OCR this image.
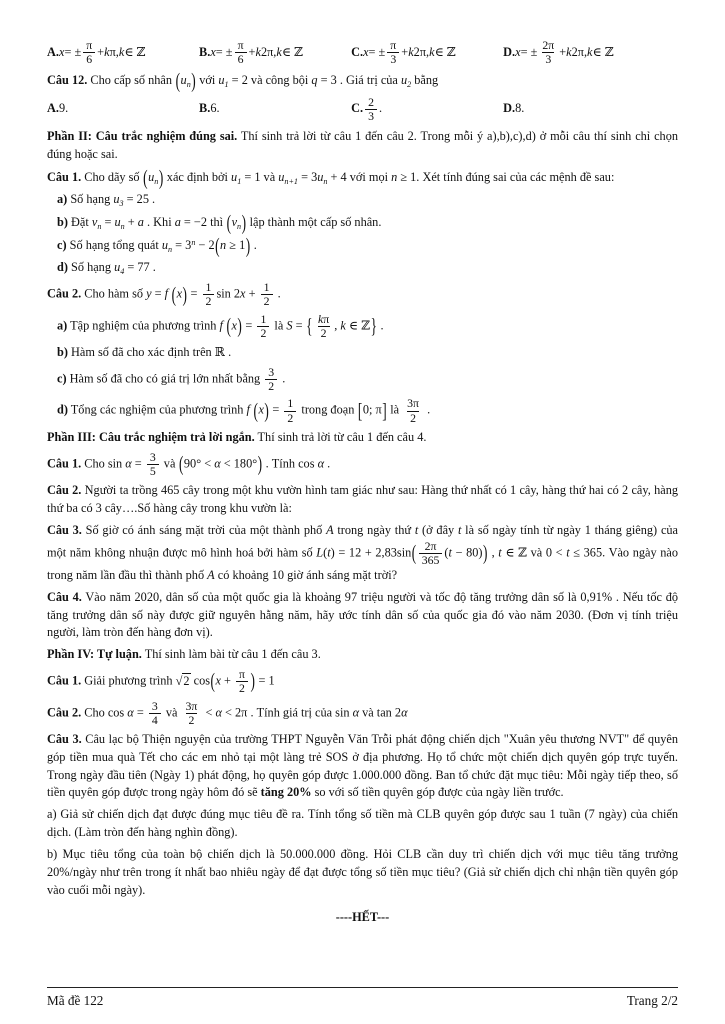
A. x = ± $\frac{\pi}{6} + k$ π, k ∈ ℤ	B. x = ± $\frac{\pi}{6} + k$ 2π, k ∈ ℤ	C. x = ± $\frac{\pi}{3} + k$ 2π, k ∈ ℤ	D. x = ± $\frac{2\pi}{3} + k$ 2π, k ∈ ℤ
Câu 12. Cho cấp số nhân $(u_n)$ với $u_1 = 2$ và công bội q = 3 . Giá trị của $u_2$ bằng
A. 9.	B. 6.	C. $\frac{2}{3}$ .	D. 8.
Phần II: Câu trắc nghiệm đúng sai. Thí sinh trả lời từ câu 1 đến câu 2. Trong mỗi ý a),b),c),d) ở mỗi câu thí sinh chỉ chọn đúng hoặc sai.
Câu 1. Cho dãy số $(u_n)$ xác định bởi $u_1 = 1$ và $u_{n+1} = 3u_n + 4$ với mọi n ≥ 1. Xét tính đúng sai của các mệnh đề sau:
a) Số hạng $u_3 = 25$ .
b) Đặt $v_n = u_n + a$ . Khi a = −2 thì $(v_n)$ lập thành một cấp số nhân.
c) Số hạng tổng quát $u_n = 3^n - 2(n \ge 1)$ .
d) Số hạng $u_4 = 77$ .
Câu 2. Cho hàm số y = f $(x) = \frac{1}{2}$ $\sin 2x + \frac{1}{2}$ .
a) Tập nghiệm của phương trình f $(x) = \frac{1}{2}$ là S = { $\frac{k\pi}{2}$ , k ∈ ℤ} .
b) Hàm số đã cho xác định trên ℝ .
c) Hàm số đã cho có giá trị lớn nhất bằng $\frac{3}{2}$ .
d) Tổng các nghiệm của phương trình f $(x) = \frac{1}{2}$ trong đoạn [0; π] là $\frac{3\pi}{2}$ .
Phần III: Câu trắc nghiệm trả lời ngắn. Thí sinh trả lời từ câu 1 đến câu 4.
Câu 1. Cho $\sin \alpha = \frac{3}{5}$ và (90° < α < 180°) . Tính cos α .
Câu 2. Người ta trồng 465 cây trong một khu vườn hình tam giác như sau: Hàng thứ nhất có 1 cây, hàng thứ hai có 2 cây, hàng thứ ba có 3 cây….Số hàng cây trong khu vườn là:
Câu 3. Số giờ có ánh sáng mặt trời của một thành phố A trong ngày thứ t (ở đây t là số ngày tính từ ngày 1 tháng giêng) của một năm không nhuận được mô hình hoá bởi hàm số $L(t) = 12 + 2,83\sin( \frac{2\pi}{365} (t - 80))$ , t ∈ ℤ và 0 < t ≤ 365. Vào ngày nào trong năm lần đầu thì thành phố A có khoảng 10 giờ ánh sáng mặt trời?
Câu 4. Vào năm 2020, dân số của một quốc gia là khoảng 97 triệu người và tốc độ tăng trưởng dân số là 0,91% . Nếu tốc độ tăng trưởng dân số này được giữ nguyên hằng năm, hãy ước tính dân số của quốc gia đó vào năm 2030. (Đơn vị tính triệu người, làm tròn đến hàng đơn vị).
Phần IV: Tự luận. Thí sinh làm bài từ câu 1 đến câu 3.
Câu 1. Giải phương trình √2 $\cos(x + \frac{\pi}{2}$ ) = 1
Câu 2. Cho $\cos \alpha = \frac{3}{4}$ và $\frac{3\pi}{2} < \alpha < 2\pi$ . Tính giá trị của sin α và tan 2α
Câu 3. Câu lạc bộ Thiện nguyện của trường THPT Nguyễn Văn Trỗi phát động chiến dịch "Xuân yêu thương NVT" để quyên góp tiền mua quà Tết cho các em nhỏ tại một làng trẻ SOS ở địa phương. Họ tổ chức một chiến dịch quyên góp trực tuyến. Trong ngày đầu tiên (Ngày 1) phát động, họ quyên góp được 1.000.000 đồng. Ban tổ chức đặt mục tiêu: Mỗi ngày tiếp theo, số tiền quyên góp được trong ngày hôm đó sẽ tăng 20% so với số tiền quyên góp được của ngày liền trước.
a) Giả sử chiến dịch đạt được đúng mục tiêu đề ra. Tính tổng số tiền mà CLB quyên góp được sau 1 tuần (7 ngày) của chiến dịch. (Làm tròn đến hàng nghìn đồng).
b) Mục tiêu tổng của toàn bộ chiến dịch là 50.000.000 đồng. Hỏi CLB cần duy trì chiến dịch với mục tiêu tăng trưởng 20%/ngày như trên trong ít nhất bao nhiêu ngày để đạt được tổng số tiền mục tiêu? (Giả sử chiến dịch chỉ nhận tiền quyên góp vào cuối mỗi ngày).
----HẾT---
Mã đề 122	Trang 2/2
